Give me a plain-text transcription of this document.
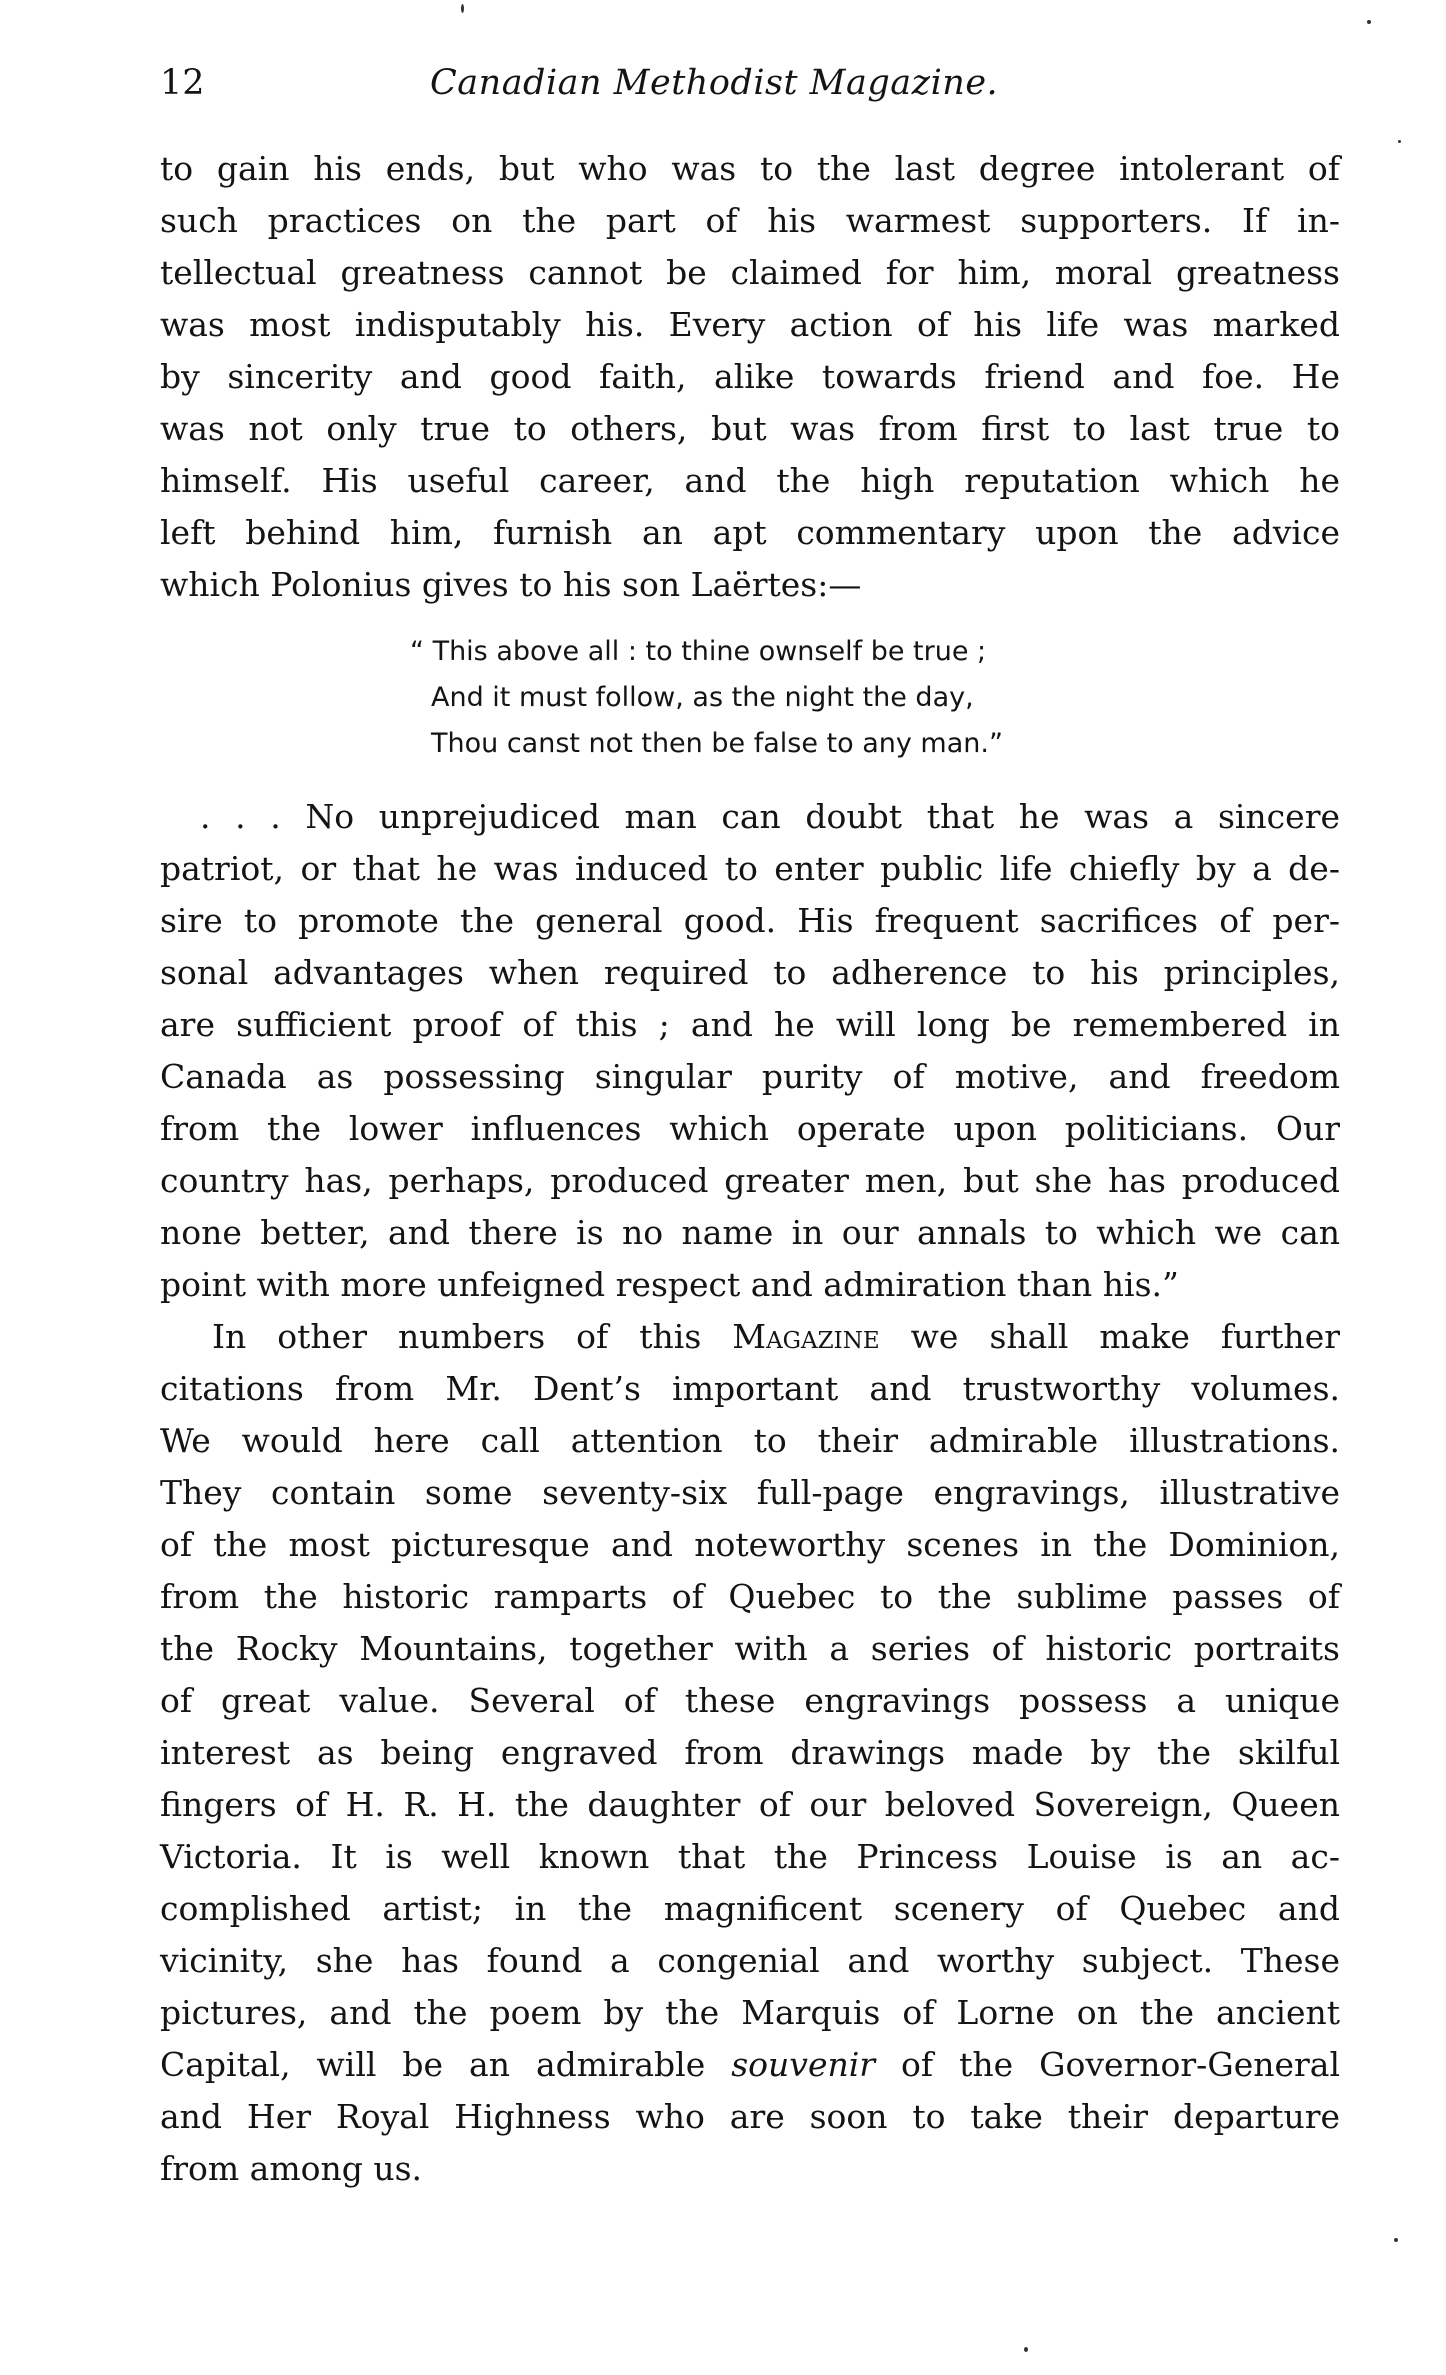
12	Canadian Methodist Magazine.
to gain his ends, but who was to the last degree intolerant of
such practices on the part of his warmest supporters. If in-
tellectual greatness cannot be claimed for him, moral greatness
was most indisputably his. Every action of his life was marked
by sincerity and good faith, alike towards friend and foe. He
was not only true to others, but was from first to last true to
himself. His useful career, and the high reputation which he
left behind him, furnish an apt commentary upon the advice
which Polonius gives to his son Laërtes:—
“ This above all : to thine ownself be true ;
And it must follow, as the night the day,
Thou canst not then be false to any man.”
. . . No unprejudiced man can doubt that he was a sincere
patriot, or that he was induced to enter public life chiefly by a de-
sire to promote the general good. His frequent sacrifices of per-
sonal advantages when required to adherence to his principles,
are sufficient proof of this ; and he will long be remembered in
Canada as possessing singular purity of motive, and freedom
from the lower influences which operate upon politicians. Our
country has, perhaps, produced greater men, but she has produced
none better, and there is no name in our annals to which we can
point with more unfeigned respect and admiration than his.”
In other numbers of this Magazine we shall make further
citations from Mr. Dent’s important and trustworthy volumes.
We would here call attention to their admirable illustrations.
They contain some seventy-six full-page engravings, illustrative
of the most picturesque and noteworthy scenes in the Dominion,
from the historic ramparts of Quebec to the sublime passes of
the Rocky Mountains, together with a series of historic portraits
of great value. Several of these engravings possess a unique
interest as being engraved from drawings made by the skilful
fingers of H. R. H. the daughter of our beloved Sovereign, Queen
Victoria. It is well known that the Princess Louise is an ac-
complished artist; in the magnificent scenery of Quebec and
vicinity, she has found a congenial and worthy subject. These
pictures, and the poem by the Marquis of Lorne on the ancient
Capital, will be an admirable souvenir of the Governor-General
and Her Royal Highness who are soon to take their departure
from among us.
